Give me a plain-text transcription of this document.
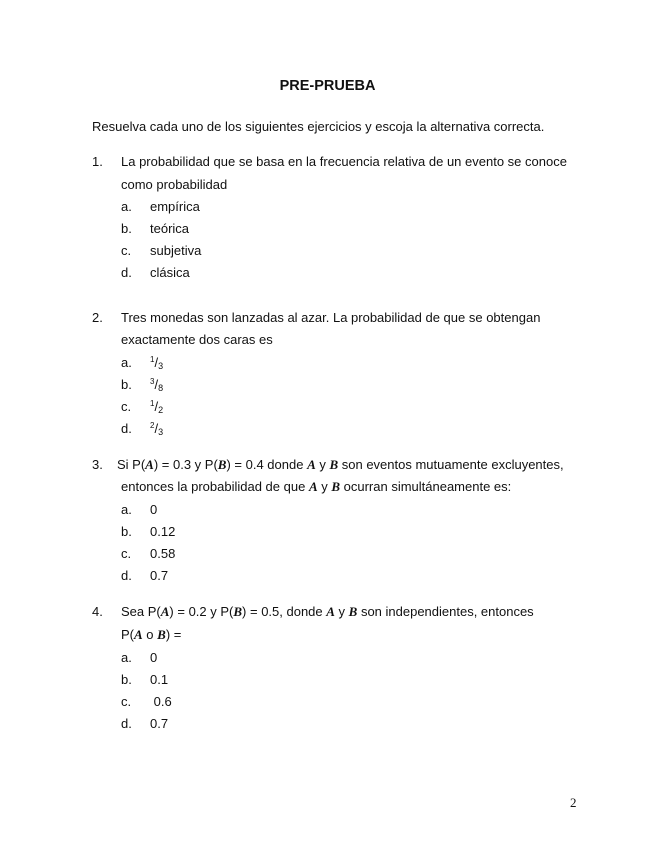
PRE-PRUEBA
Resuelva cada uno de los siguientes ejercicios y escoja la alternativa correcta.
1. La probabilidad que se basa en la frecuencia relativa de un evento se conoce
como probabilidad
a. empírica
b. teórica
c. subjetiva
d. clásica
2. Tres monedas son lanzadas al azar. La probabilidad de que se obtengan
exactamente dos caras es
a. $^1/_3$
b. $^3/_8$
c. $^1/_2$
d. $^2/_3$
3. Si P(A) = 0.3 y P(B) = 0.4 donde A y B son eventos mutuamente excluyentes,
entonces la probabilidad de que A y B ocurran simultáneamente es:
a. 0
b. 0.12
c. 0.58
d. 0.7
4. Sea P(A) = 0.2 y P(B) = 0.5, donde A y B son independientes, entonces
P(A o B) =
a. 0
b. 0.1
c. 0.6
d. 0.7
2
